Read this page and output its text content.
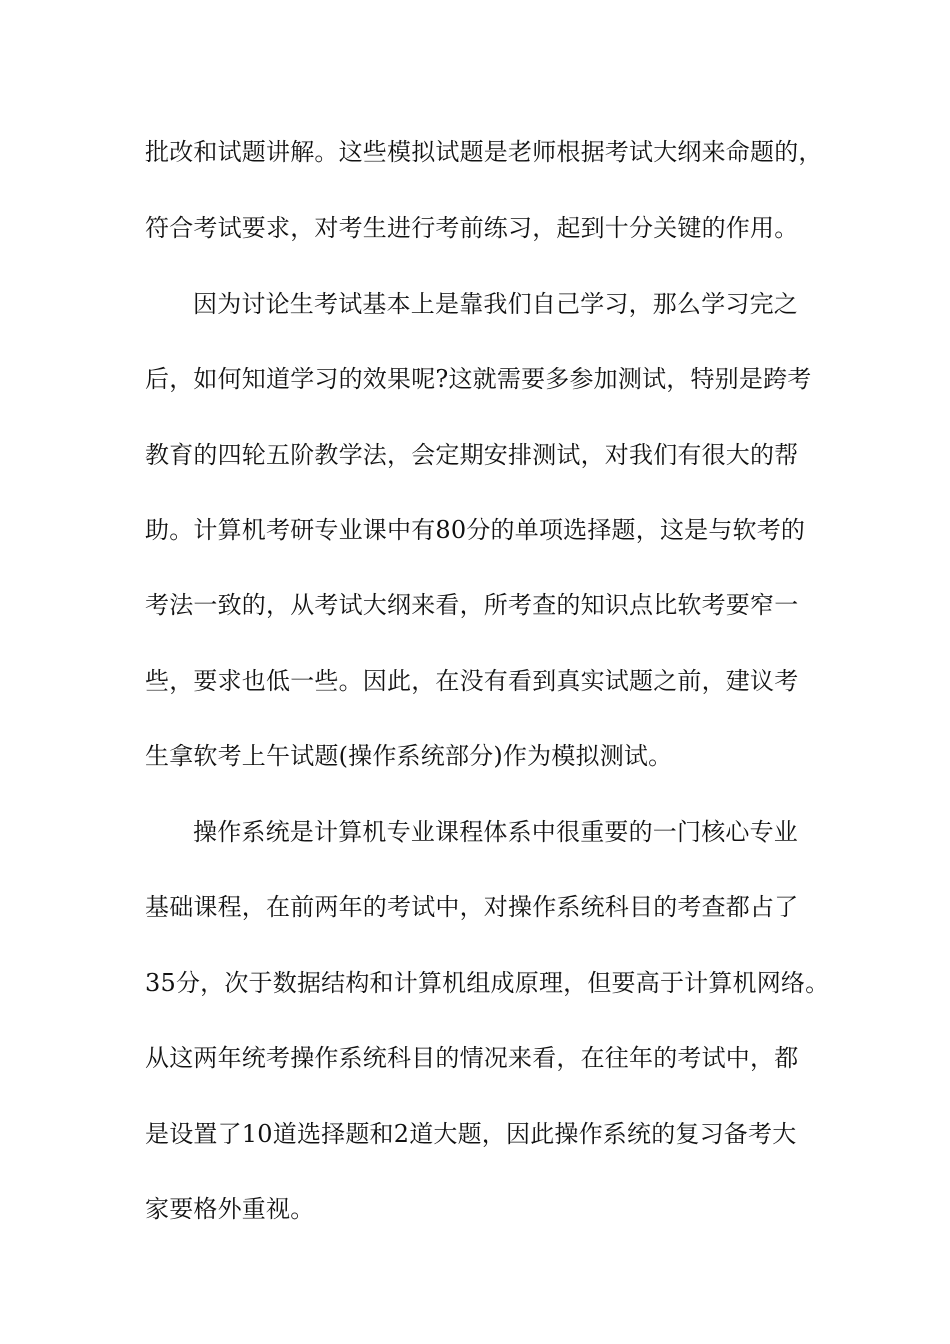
批改和试题讲解。这些模拟试题是老师根据考试大纲来命题的，
符合考试要求，对考生进行考前练习，起到十分关键的作用。
因为讨论生考试基本上是靠我们自己学习，那么学习完之
后，如何知道学习的效果呢?这就需要多参加测试，特别是跨考
教育的四轮五阶教学法，会定期安排测试，对我们有很大的帮
助。计算机考研专业课中有80分的单项选择题，这是与软考的
考法一致的，从考试大纲来看，所考查的知识点比软考要窄一
些，要求也低一些。因此，在没有看到真实试题之前，建议考
生拿软考上午试题(操作系统部分)作为模拟测试。
操作系统是计算机专业课程体系中很重要的一门核心专业
基础课程，在前两年的考试中，对操作系统科目的考查都占了
35分，次于数据结构和计算机组成原理，但要高于计算机网络。
从这两年统考操作系统科目的情况来看，在往年的考试中，都
是设置了10道选择题和2道大题，因此操作系统的复习备考大
家要格外重视。
